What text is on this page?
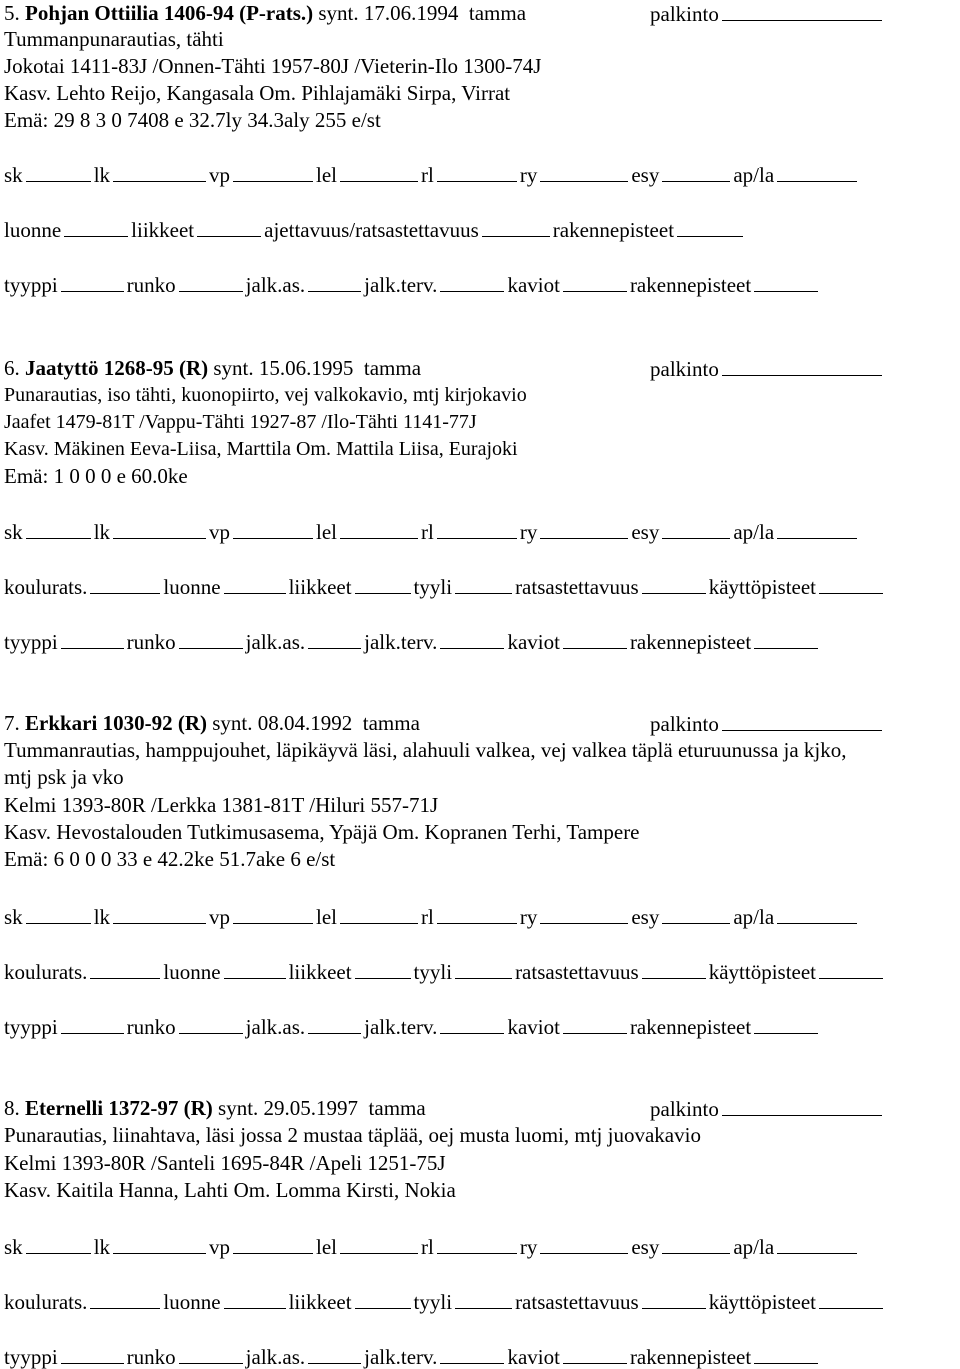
5. Pohjan Ottiilia 1406-94 (P-rats.) synt. 17.06.1994  tamma	palkinto
Tummanpunarautias, tähti
Jokotai 1411-83J /Onnen-Tähti 1957-80J /Vieterin-Ilo 1300-74J
Kasv. Lehto Reijo, Kangasala Om. Pihlajamäki Sirpa, Virrat
Emä: 29 8 3 0 7408 e 32.7ly 34.3aly 255 e/st
sk	lk	vp	lel	rl	ry	esy	ap/la
luonne	liikkeet	ajettavuus/ratsastettavuus	rakennepisteet
tyyppi	runko	jalk.as.	jalk.terv.	kaviot	rakennepisteet
6. Jaatyttö 1268-95 (R) synt. 15.06.1995  tamma	palkinto
Punarautias, iso tähti, kuonopiirto, vej valkokavio, mtj kirjokavio
Jaafet 1479-81T /Vappu-Tähti 1927-87 /Ilo-Tähti 1141-77J
Kasv. Mäkinen Eeva-Liisa, Marttila Om. Mattila Liisa, Eurajoki
Emä: 1 0 0 0 e 60.0ke
sk	lk	vp	lel	rl	ry	esy	ap/la
koulurats.	luonne	liikkeet	tyyli	ratsastettavuus	käyttöpisteet
tyyppi	runko	jalk.as.	jalk.terv.	kaviot	rakennepisteet
7. Erkkari 1030-92 (R) synt. 08.04.1992  tamma	palkinto
Tummanrautias, hamppujouhet, läpikäyvä läsi, alahuuli valkea, vej valkea täplä eturuunussa ja kjko,
mtj psk ja vko
Kelmi 1393-80R /Lerkka 1381-81T /Hiluri 557-71J
Kasv. Hevostalouden Tutkimusasema, Ypäjä Om. Kopranen Terhi, Tampere
Emä: 6 0 0 0 33 e 42.2ke 51.7ake 6 e/st
sk	lk	vp	lel	rl	ry	esy	ap/la
koulurats.	luonne	liikkeet	tyyli	ratsastettavuus	käyttöpisteet
tyyppi	runko	jalk.as.	jalk.terv.	kaviot	rakennepisteet
8. Eternelli 1372-97 (R) synt. 29.05.1997  tamma	palkinto
Punarautias, liinahtava, läsi jossa 2 mustaa täplää, oej musta luomi, mtj juovakavio
Kelmi 1393-80R /Santeli 1695-84R /Apeli 1251-75J
Kasv. Kaitila Hanna, Lahti Om. Lomma Kirsti, Nokia
sk	lk	vp	lel	rl	ry	esy	ap/la
koulurats.	luonne	liikkeet	tyyli	ratsastettavuus	käyttöpisteet
tyyppi	runko	jalk.as.	jalk.terv.	kaviot	rakennepisteet
